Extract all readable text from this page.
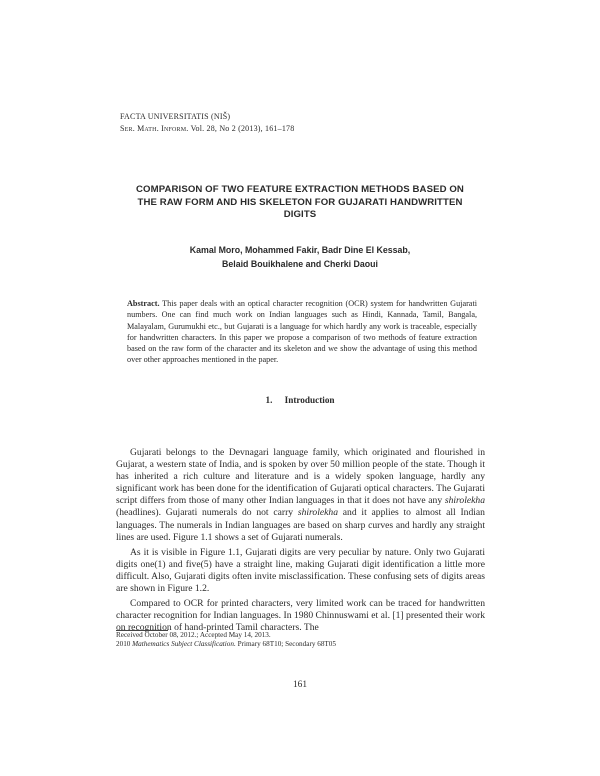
FACTA UNIVERSITATIS (NIŠ)
Ser. Math. Inform. Vol. 28, No 2 (2013), 161–178
COMPARISON OF TWO FEATURE EXTRACTION METHODS BASED ON
THE RAW FORM AND HIS SKELETON FOR GUJARATI HANDWRITTEN
DIGITS
Kamal Moro, Mohammed Fakir, Badr Dine El Kessab,
Belaid Bouikhalene and Cherki Daoui
Abstract. This paper deals with an optical character recognition (OCR) system for handwritten Gujarati numbers. One can find much work on Indian languages such as Hindi, Kannada, Tamil, Bangala, Malayalam, Gurumukhi etc., but Gujarati is a language for which hardly any work is traceable, especially for handwritten characters. In this paper we propose a comparison of two methods of feature extraction based on the raw form of the character and its skeleton and we show the advantage of using this method over other approaches mentioned in the paper.
1. Introduction

Gujarati belongs to the Devnagari language family, which originated and flourished in Gujarat, a western state of India, and is spoken by over 50 million people of the state. Though it has inherited a rich culture and literature and is a widely spoken language, hardly any significant work has been done for the identification of Gujarati optical characters. The Gujarati script differs from those of many other Indian languages in that it does not have any shirolekha (headlines). Gujarati numerals do not carry shirolekha and it applies to almost all Indian languages. The numerals in Indian languages are based on sharp curves and hardly any straight lines are used. Figure 1.1 shows a set of Gujarati numerals.

As it is visible in Figure 1.1, Gujarati digits are very peculiar by nature. Only two Gujarati digits one(1) and five(5) have a straight line, making Gujarati digit identification a little more difficult. Also, Gujarati digits often invite misclassification. These confusing sets of digits areas are shown in Figure 1.2.

Compared to OCR for printed characters, very limited work can be traced for handwritten character recognition for Indian languages. In 1980 Chinnuswami et al. [1] presented their work on recognition of hand-printed Tamil characters. The

Received October 08, 2012.; Accepted May 14, 2013.
2010 Mathematics Subject Classification. Primary 68T10; Secondary 68T05
161
